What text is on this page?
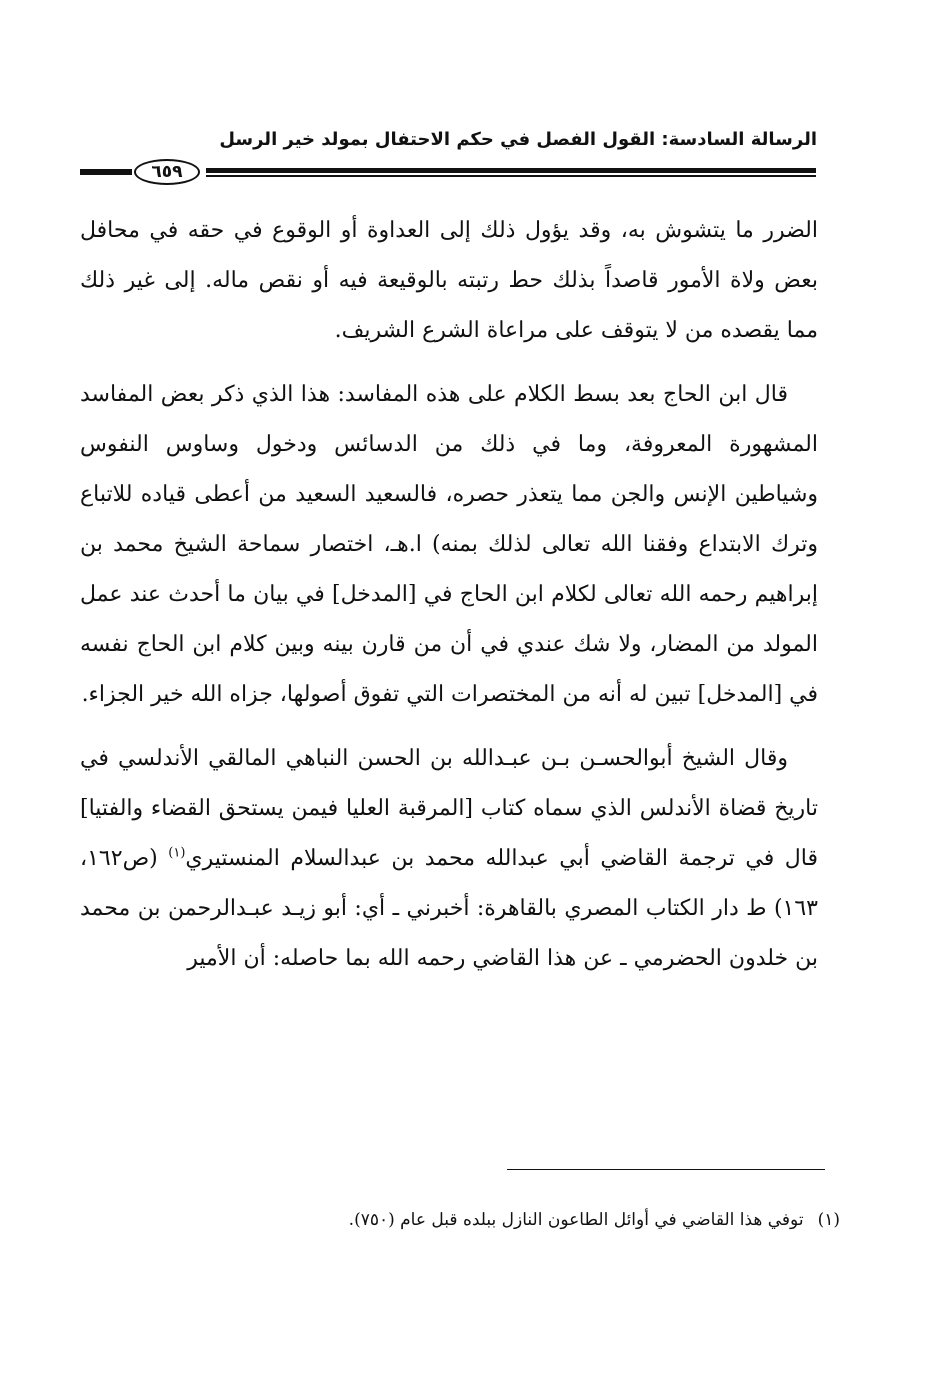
الرسالة السادسة: القول الفصل في حكم الاحتفال بمولد خير الرسل
٦٥٩

الضرر ما يتشوش به، وقد يؤول ذلك إلى العداوة أو الوقوع في حقه في محافل بعض ولاة الأمور قاصداً بذلك حط رتبته بالوقيعة فيه أو نقص ماله. إلى غير ذلك مما يقصده من لا يتوقف على مراعاة الشرع الشريف.

قال ابن الحاج بعد بسط الكلام على هذه المفاسد: هذا الذي ذكر بعض المفاسد المشهورة المعروفة، وما في ذلك من الدسائس ودخول وساوس النفوس وشياطين الإنس والجن مما يتعذر حصره، فالسعيد السعيد من أعطى قياده للاتباع وترك الابتداع وفقنا الله تعالى لذلك بمنه) ا.هـ، اختصار سماحة الشيخ محمد بن إبراهيم رحمه الله تعالى لكلام ابن الحاج في [المدخل] في بيان ما أحدث عند عمل المولد من المضار، ولا شك عندي في أن من قارن بينه وبين كلام ابن الحاج نفسه في [المدخل] تبين له أنه من المختصرات التي تفوق أصولها، جزاه الله خير الجزاء.

وقال الشيخ أبوالحسـن بـن عبـدالله بن الحسن النباهي المالقي الأندلسي في تاريخ قضاة الأندلس الذي سماه كتاب [المرقبة العليا فيمن يستحق القضاء والفتيا] قال في ترجمة القاضي أبي عبدالله محمد بن عبدالسلام المنستيري$^{(١)}$ (ص١٦٢، ١٦٣) ط دار الكتاب المصري بالقاهرة: أخبرني ـ أي: أبو زيـد عبـدالرحمن بن محمد بن خلدون الحضرمي ـ عن هذا القاضي رحمه الله بما حاصله: أن الأمير

(١)توفي هذا القاضي في أوائل الطاعون النازل ببلده قبل عام (٧٥٠).
